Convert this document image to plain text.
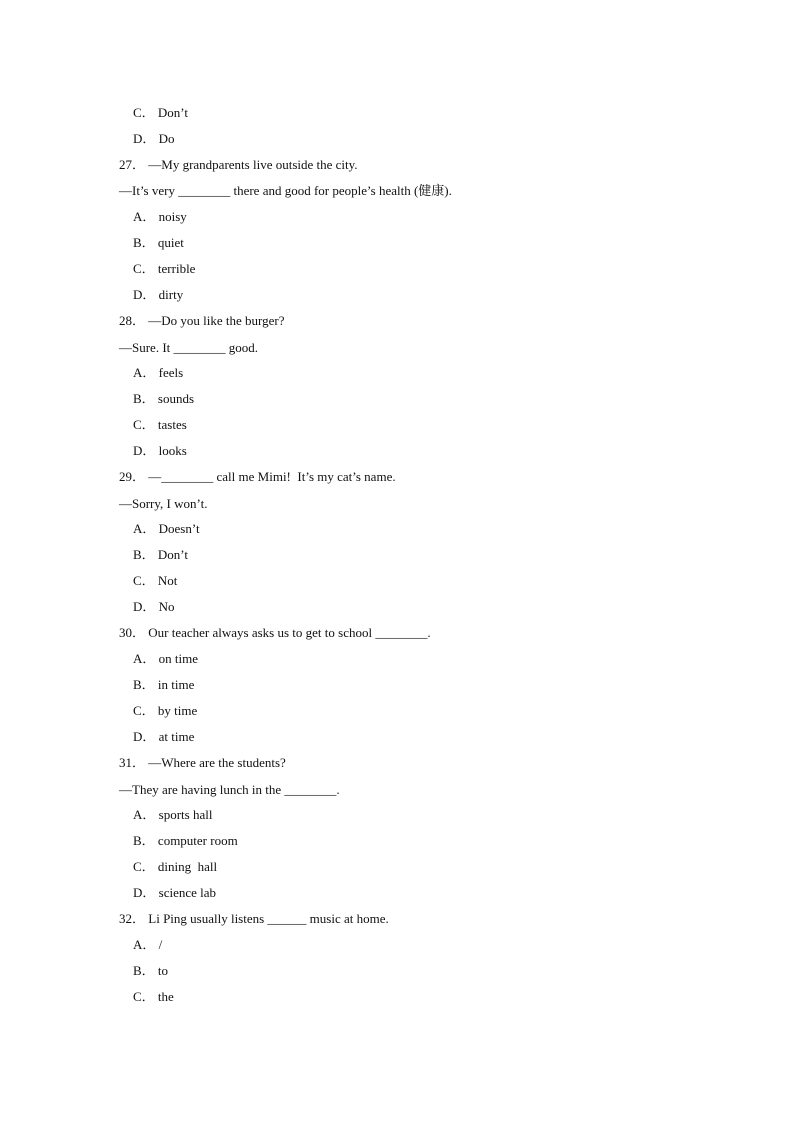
C． Don’t
D． Do
27． —My grandparents live outside the city.
—It’s very ________ there and good for people’s health (健康).
A． noisy
B． quiet
C． terrible
D． dirty
28． —Do you like the burger?
—Sure. It ________ good.
A． feels
B． sounds
C． tastes
D． looks
29． —________ call me Mimi!  It’s my cat’s name.
—Sorry, I won’t.
A． Doesn’t
B． Don’t
C． Not
D． No
30． Our teacher always asks us to get to school ________.
A． on time
B． in time
C． by time
D． at time
31． —Where are the students?
—They are having lunch in the ________.
A． sports hall
B． computer room
C． dining  hall
D． science lab
32． Li Ping usually listens ______ music at home.
A． /
B． to
C． the
